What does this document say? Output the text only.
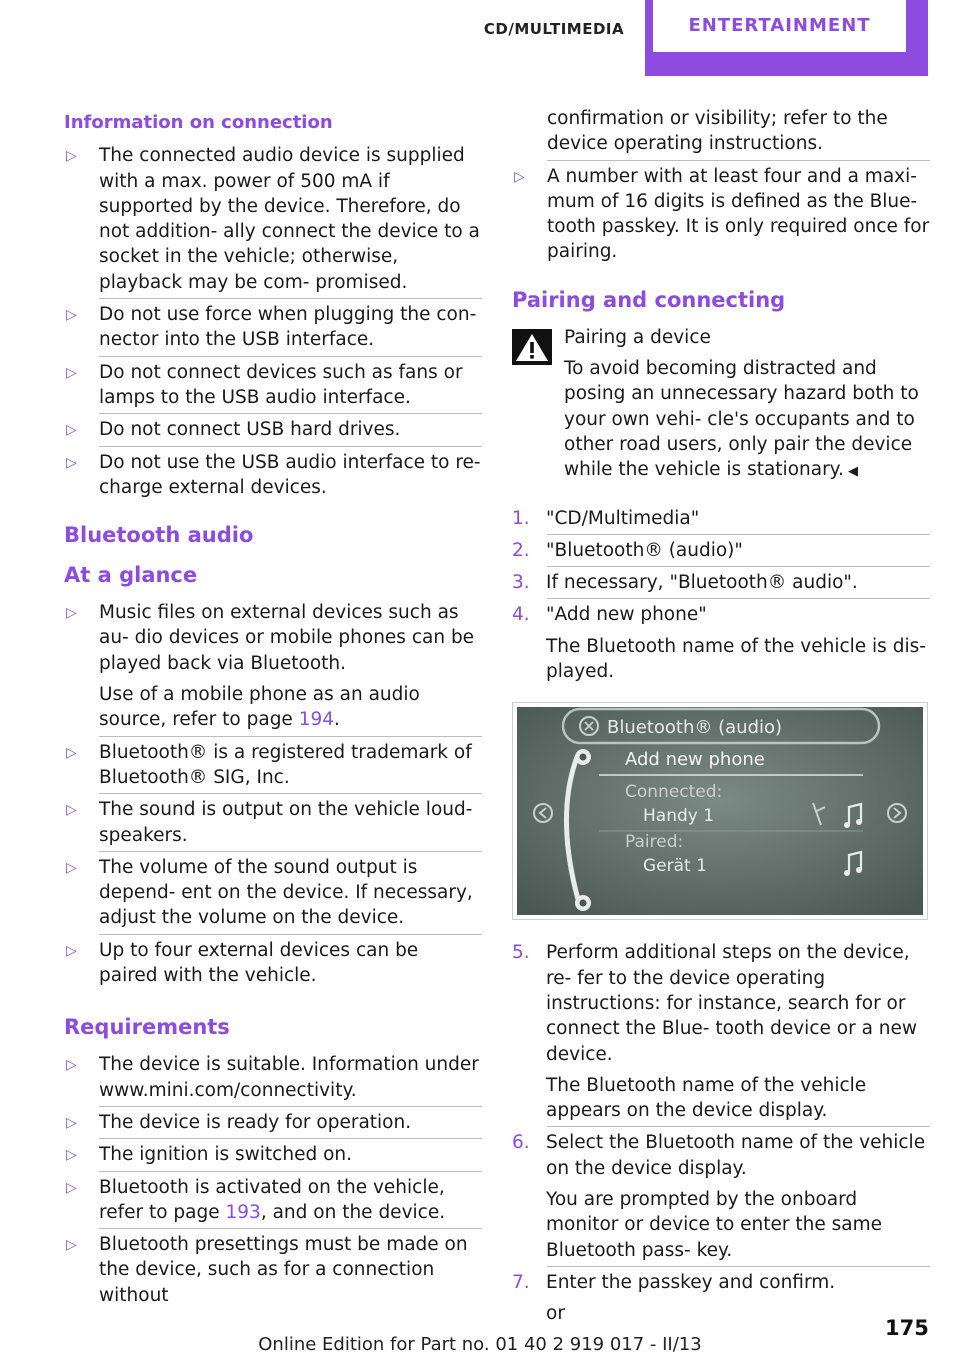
CD/MULTIMEDIA	ENTERTAINMENT
Information on connection
▷ The connected audio device is supplied with a max. power of 500 mA if supported by the device. Therefore, do not addition‐ ally connect the device to a socket in the vehicle; otherwise, playback may be com‐ promised.

▷ Do not use force when plugging the con‐ nector into the USB interface.

▷ Do not connect devices such as fans or lamps to the USB audio interface.

▷ Do not connect USB hard drives.

▷ Do not use the USB audio interface to re‐ charge external devices.

Bluetooth audio
At a glance
▷ Music files on external devices such as au‐ dio devices or mobile phones can be played back via Bluetooth.

Use of a mobile phone as an audio source, refer to page 194.

▷ Bluetooth® is a registered trademark of Bluetooth® SIG, Inc.

▷ The sound is output on the vehicle loud‐ speakers.

▷ The volume of the sound output is depend‐ ent on the device. If necessary, adjust the volume on the device.

▷ Up to four external devices can be paired with the vehicle.

Requirements
▷ The device is suitable. Information under www.mini.com/connectivity.

▷ The device is ready for operation.

▷ The ignition is switched on.

▷ Bluetooth is activated on the vehicle, refer to page 193, and on the device.

▷ Bluetooth presettings must be made on the device, such as for a connection without

confirmation or visibility; refer to the device operating instructions.

▷ A number with at least four and a maxi‐ mum of 16 digits is defined as the Blue‐ tooth passkey. It is only required once for pairing.

Pairing and connecting

Pairing a device

To avoid becoming distracted and posing an unnecessary hazard both to your own vehi‐ cle's occupants and to other road users, only pair the device while the vehicle is stationary. ◀

1. "CD/Multimedia"

2. "Bluetooth® (audio)"

3. If necessary, "Bluetooth® audio".

4. "Add new phone"

The Bluetooth name of the vehicle is dis‐ played.

Bluetooth® (audio)
Add new phone
Connected:
Handy 1
Paired:
Gerät 1
5. Perform additional steps on the device, re‐ fer to the device operating instructions: for instance, search for or connect the Blue‐ tooth device or a new device.

The Bluetooth name of the vehicle appears on the device display.

6. Select the Bluetooth name of the vehicle on the device display.

You are prompted by the onboard monitor or device to enter the same Bluetooth pass‐ key.

7. Enter the passkey and confirm.

or

175
Online Edition for Part no. 01 40 2 919 017 - II/13
